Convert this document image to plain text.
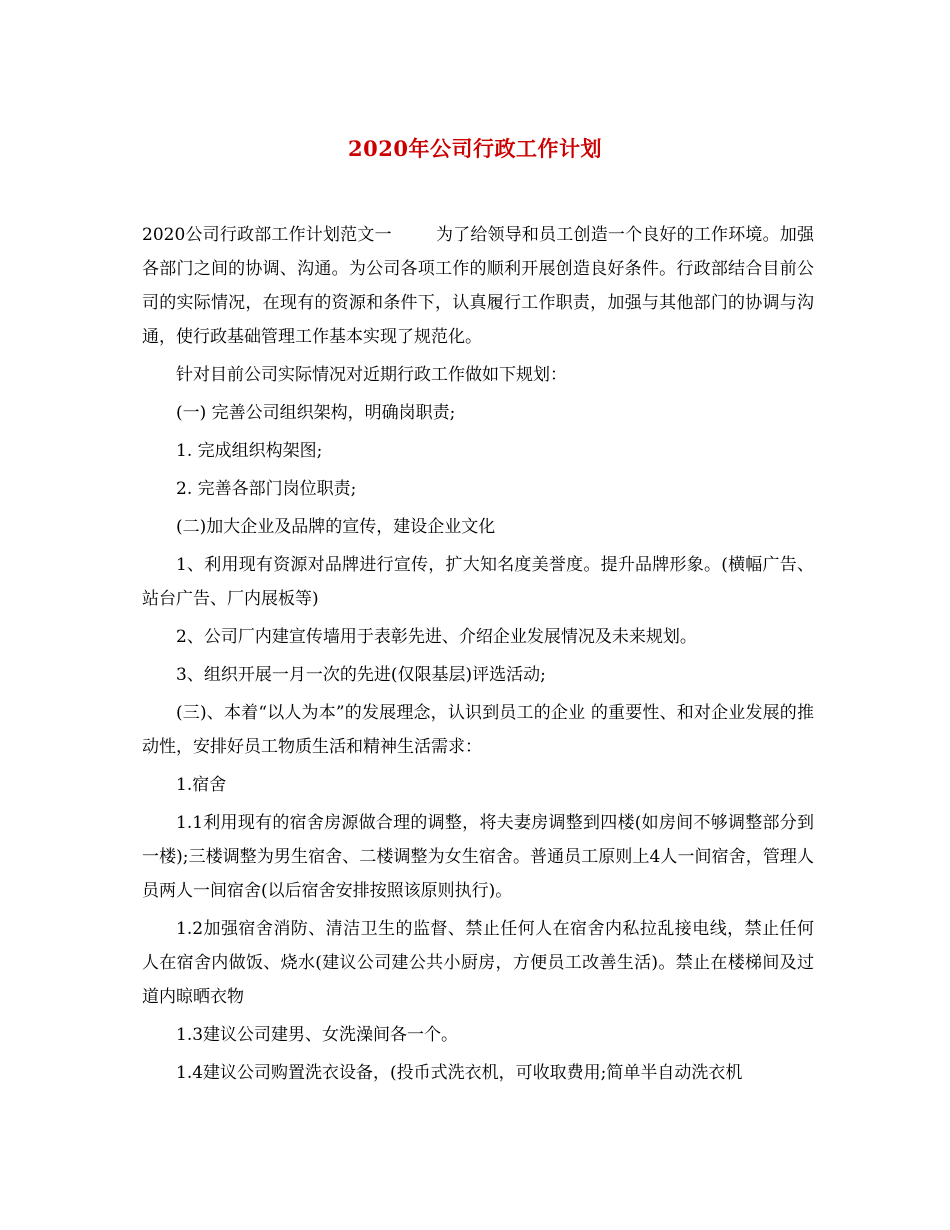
2020年公司行政工作计划

2020公司行政部工作计划范文一	为了给领导和员工创造一个良好的工作环境。加强 各部门之间的协调、沟通。为公司各项工作的顺利开展创造良好条件。行政部结合目前公司的实际情况，在现有的资源和条件下，认真履行工作职责，加强与其他部门的协调与沟通，使行政基础管理工作基本实现了规范化。

针对目前公司实际情况对近期行政工作做如下规划：

(一) 完善公司组织架构，明确岗职责;

1. 完成组织构架图;

2. 完善各部门岗位职责;

(二)加大企业及品牌的宣传，建设企业文化

1、利用现有资源对品牌进行宣传，扩大知名度美誉度。提升品牌形象。(横幅广告、站台广告、厂内展板等)

2、公司厂内建宣传墙用于表彰先进、介绍企业发展情况及未来规划。

3、组织开展一月一次的先进(仅限基层)评选活动;

(三)、本着“以人为本”的发展理念，认识到员工的企业 的重要性、和对企业发展的推动性，安排好员工物质生活和精神生活需求：

1.宿舍

1.1利用现有的宿舍房源做合理的调整，将夫妻房调整到四楼(如房间不够调整部分到一楼);三楼调整为男生宿舍、二楼调整为女生宿舍。普通员工原则上4人一间宿舍，管理人员两人一间宿舍(以后宿舍安排按照该原则执行)。

1.2加强宿舍消防、清洁卫生的监督、禁止任何人在宿舍内私拉乱接电线，禁止任何人在宿舍内做饭、烧水(建议公司建公共小厨房，方便员工改善生活)。禁止在楼梯间及过道内晾晒衣物

1.3建议公司建男、女洗澡间各一个。

1.4建议公司购置洗衣设备，(投币式洗衣机，可收取费用;简单半自动洗衣机
